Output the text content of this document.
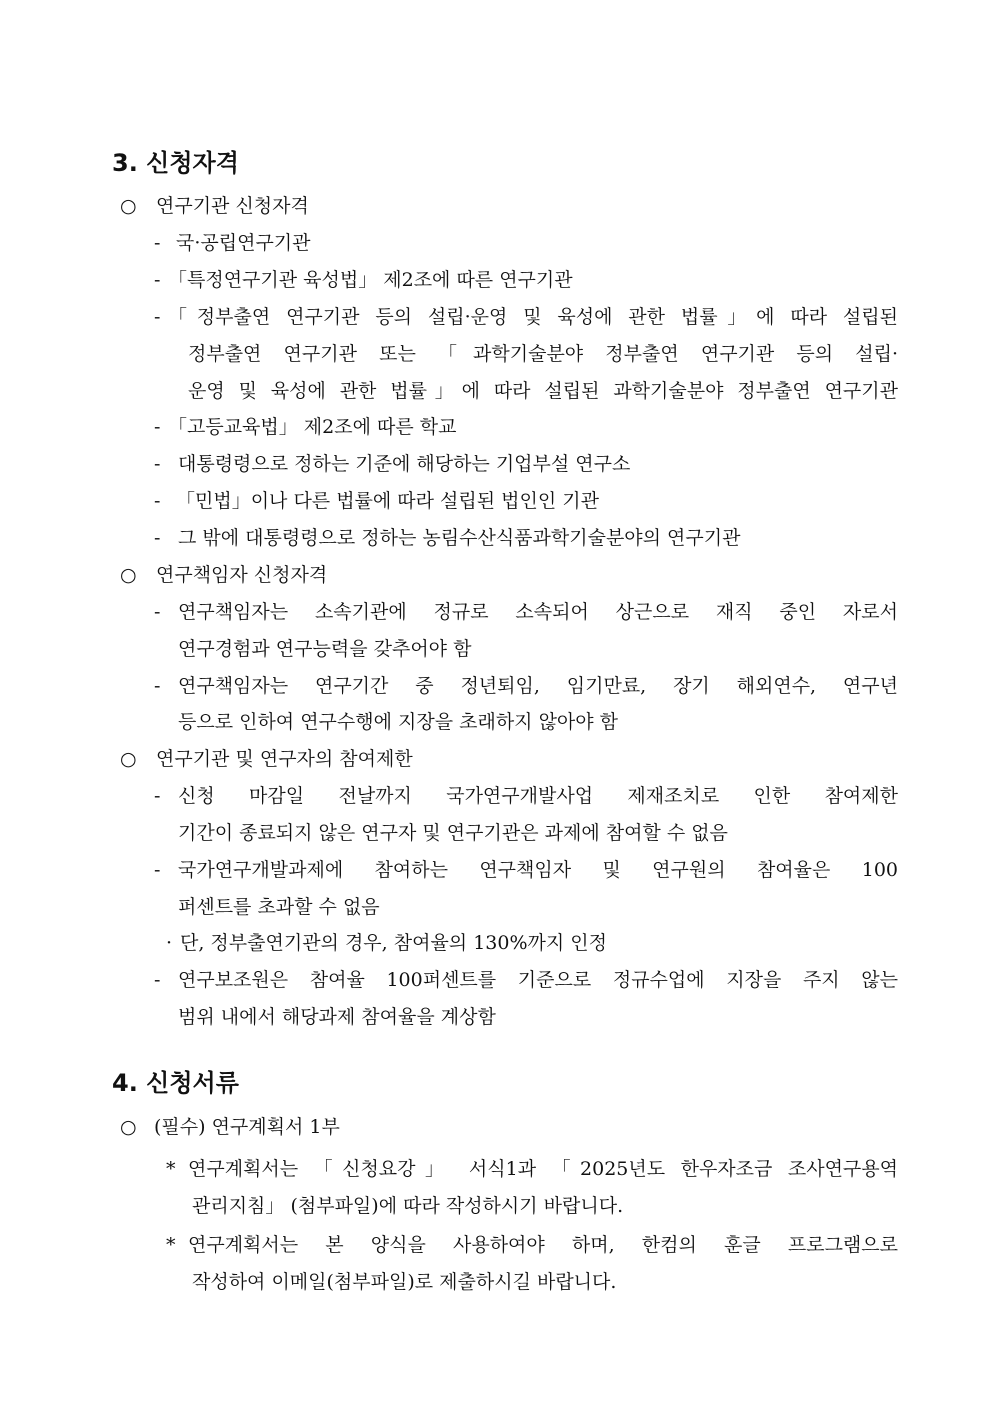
3. 신청자격
○ 연구기관 신청자격
- 국·공립연구기관
- 「특정연구기관 육성법」 제2조에 따른 연구기관
- 「정부출연 연구기관 등의 설립·운영 및 육성에 관한 법률」에 따라 설립된
정부출연 연구기관 또는 「과학기술분야 정부출연 연구기관 등의 설립·
운영 및 육성에 관한 법률」에 따라 설립된 과학기술분야 정부출연 연구기관
- 「고등교육법」 제2조에 따른 학교
- 대통령령으로 정하는 기준에 해당하는 기업부설 연구소
- 「민법」이나 다른 법률에 따라 설립된 법인인 기관
- 그 밖에 대통령령으로 정하는 농림수산식품과학기술분야의 연구기관
○ 연구책임자 신청자격
- 연구책임자는 소속기관에 정규로 소속되어 상근으로 재직 중인 자로서
연구경험과 연구능력을 갖추어야 함
- 연구책임자는 연구기간 중 정년퇴임, 임기만료, 장기 해외연수, 연구년
등으로 인하여 연구수행에 지장을 초래하지 않아야 함
○ 연구기관 및 연구자의 참여제한
- 신청 마감일 전날까지 국가연구개발사업 제재조치로 인한 참여제한
기간이 종료되지 않은 연구자 및 연구기관은 과제에 참여할 수 없음
- 국가연구개발과제에 참여하는 연구책임자 및 연구원의 참여율은 100
퍼센트를 초과할 수 없음
· 단, 정부출연기관의 경우, 참여율의 130%까지 인정
- 연구보조원은 참여율 100퍼센트를 기준으로 정규수업에 지장을 주지 않는
범위 내에서 해당과제 참여율을 계상함
4. 신청서류
○ (필수) 연구계획서 1부
* 연구계획서는 「신청요강」 서식1과 「2025년도 한우자조금 조사연구용역
관리지침」 (첨부파일)에 따라 작성하시기 바랍니다.
* 연구계획서는 본 양식을 사용하여야 하며, 한컴의 훈글 프로그램으로
작성하여 이메일(첨부파일)로 제출하시길 바랍니다.
